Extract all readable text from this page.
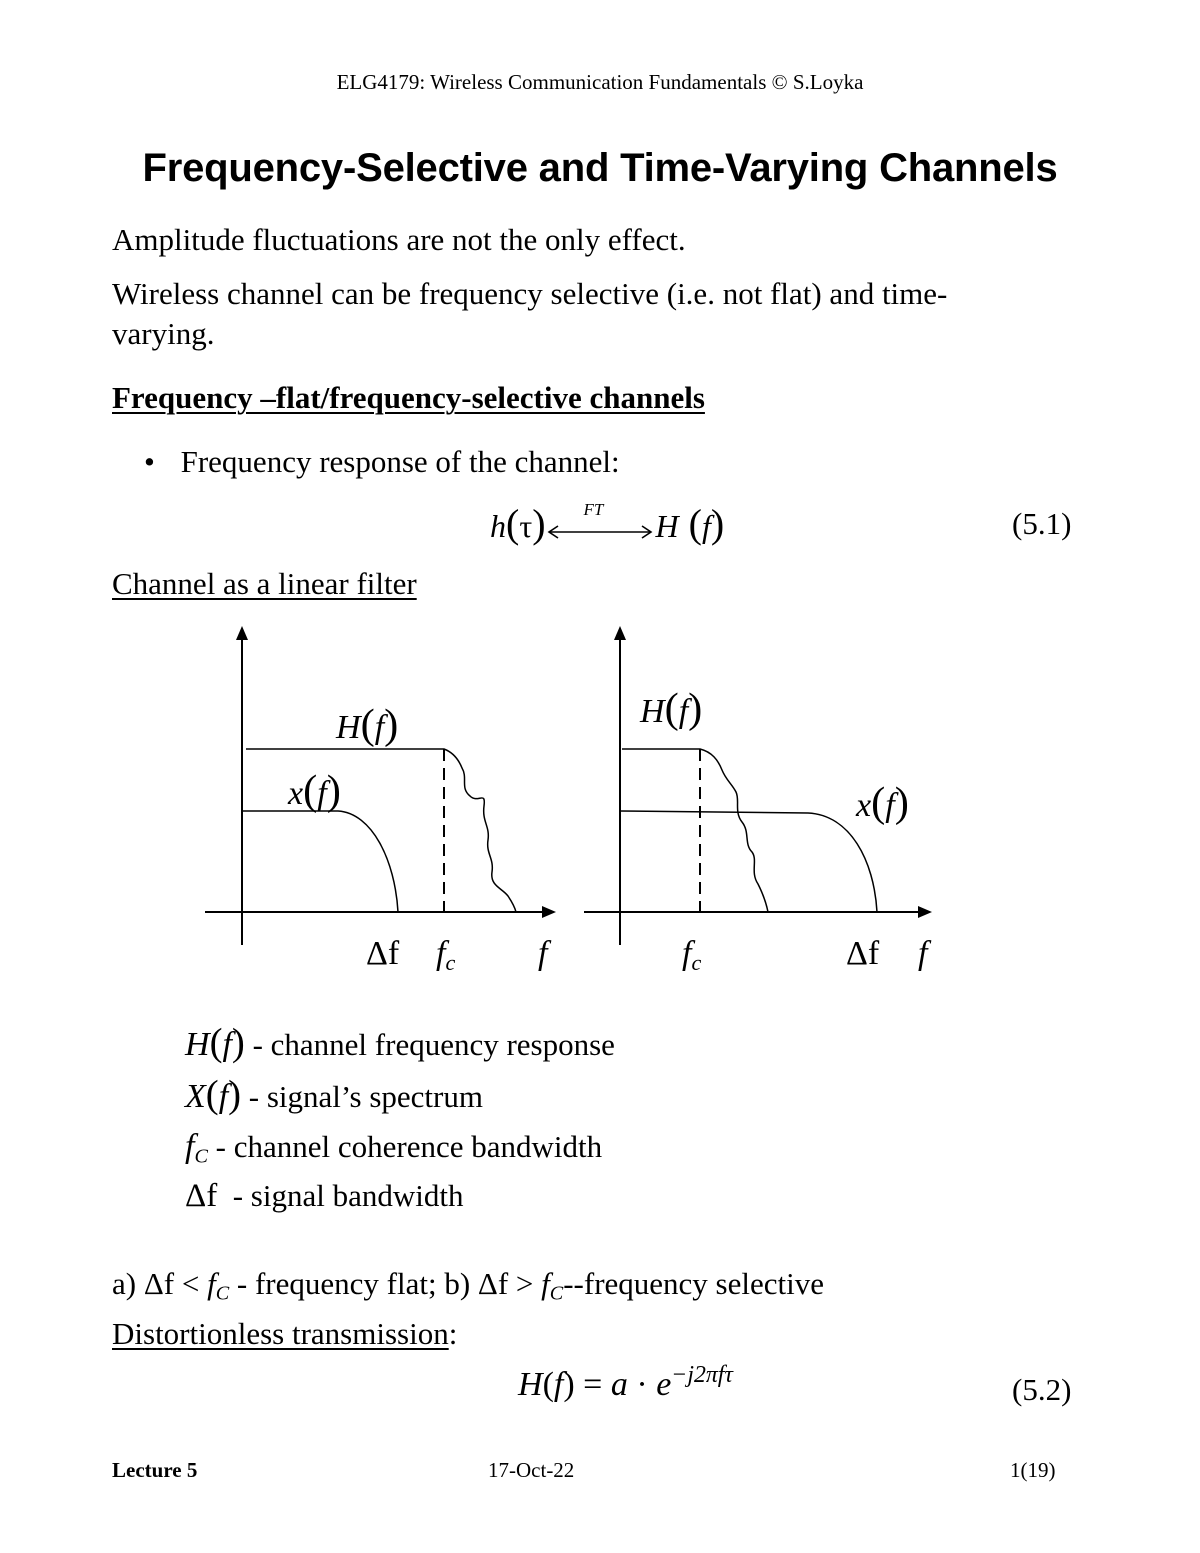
ELG4179: Wireless Communication Fundamentals © S.Loyka
Frequency-Selective and Time-Varying Channels
Amplitude fluctuations are not the only effect.
Wireless channel can be frequency selective (i.e. not flat) and time-
varying.
Frequency –flat/frequency-selective channels
• Frequency response of the channel:
h(τ) FT H (f)	(5.1)
Channel as a linear filter
H(f)
x(f)
Δf $f_c$ f
H(f)
x(f)
$f_c$	Δf f
H(f) - channel frequency response
X(f) - signal’s spectrum
$f_C$ - channel coherence bandwidth
Δf  - signal bandwidth
a) $\Delta f < f_C$ - frequency flat; b) $\Delta f > f_C-$-frequency selective
Distortionless transmission:
$H(f) = a \cdot e^{-j2\pi f\tau}$	(5.2)
Lecture 5	17-Oct-22	1(19)
